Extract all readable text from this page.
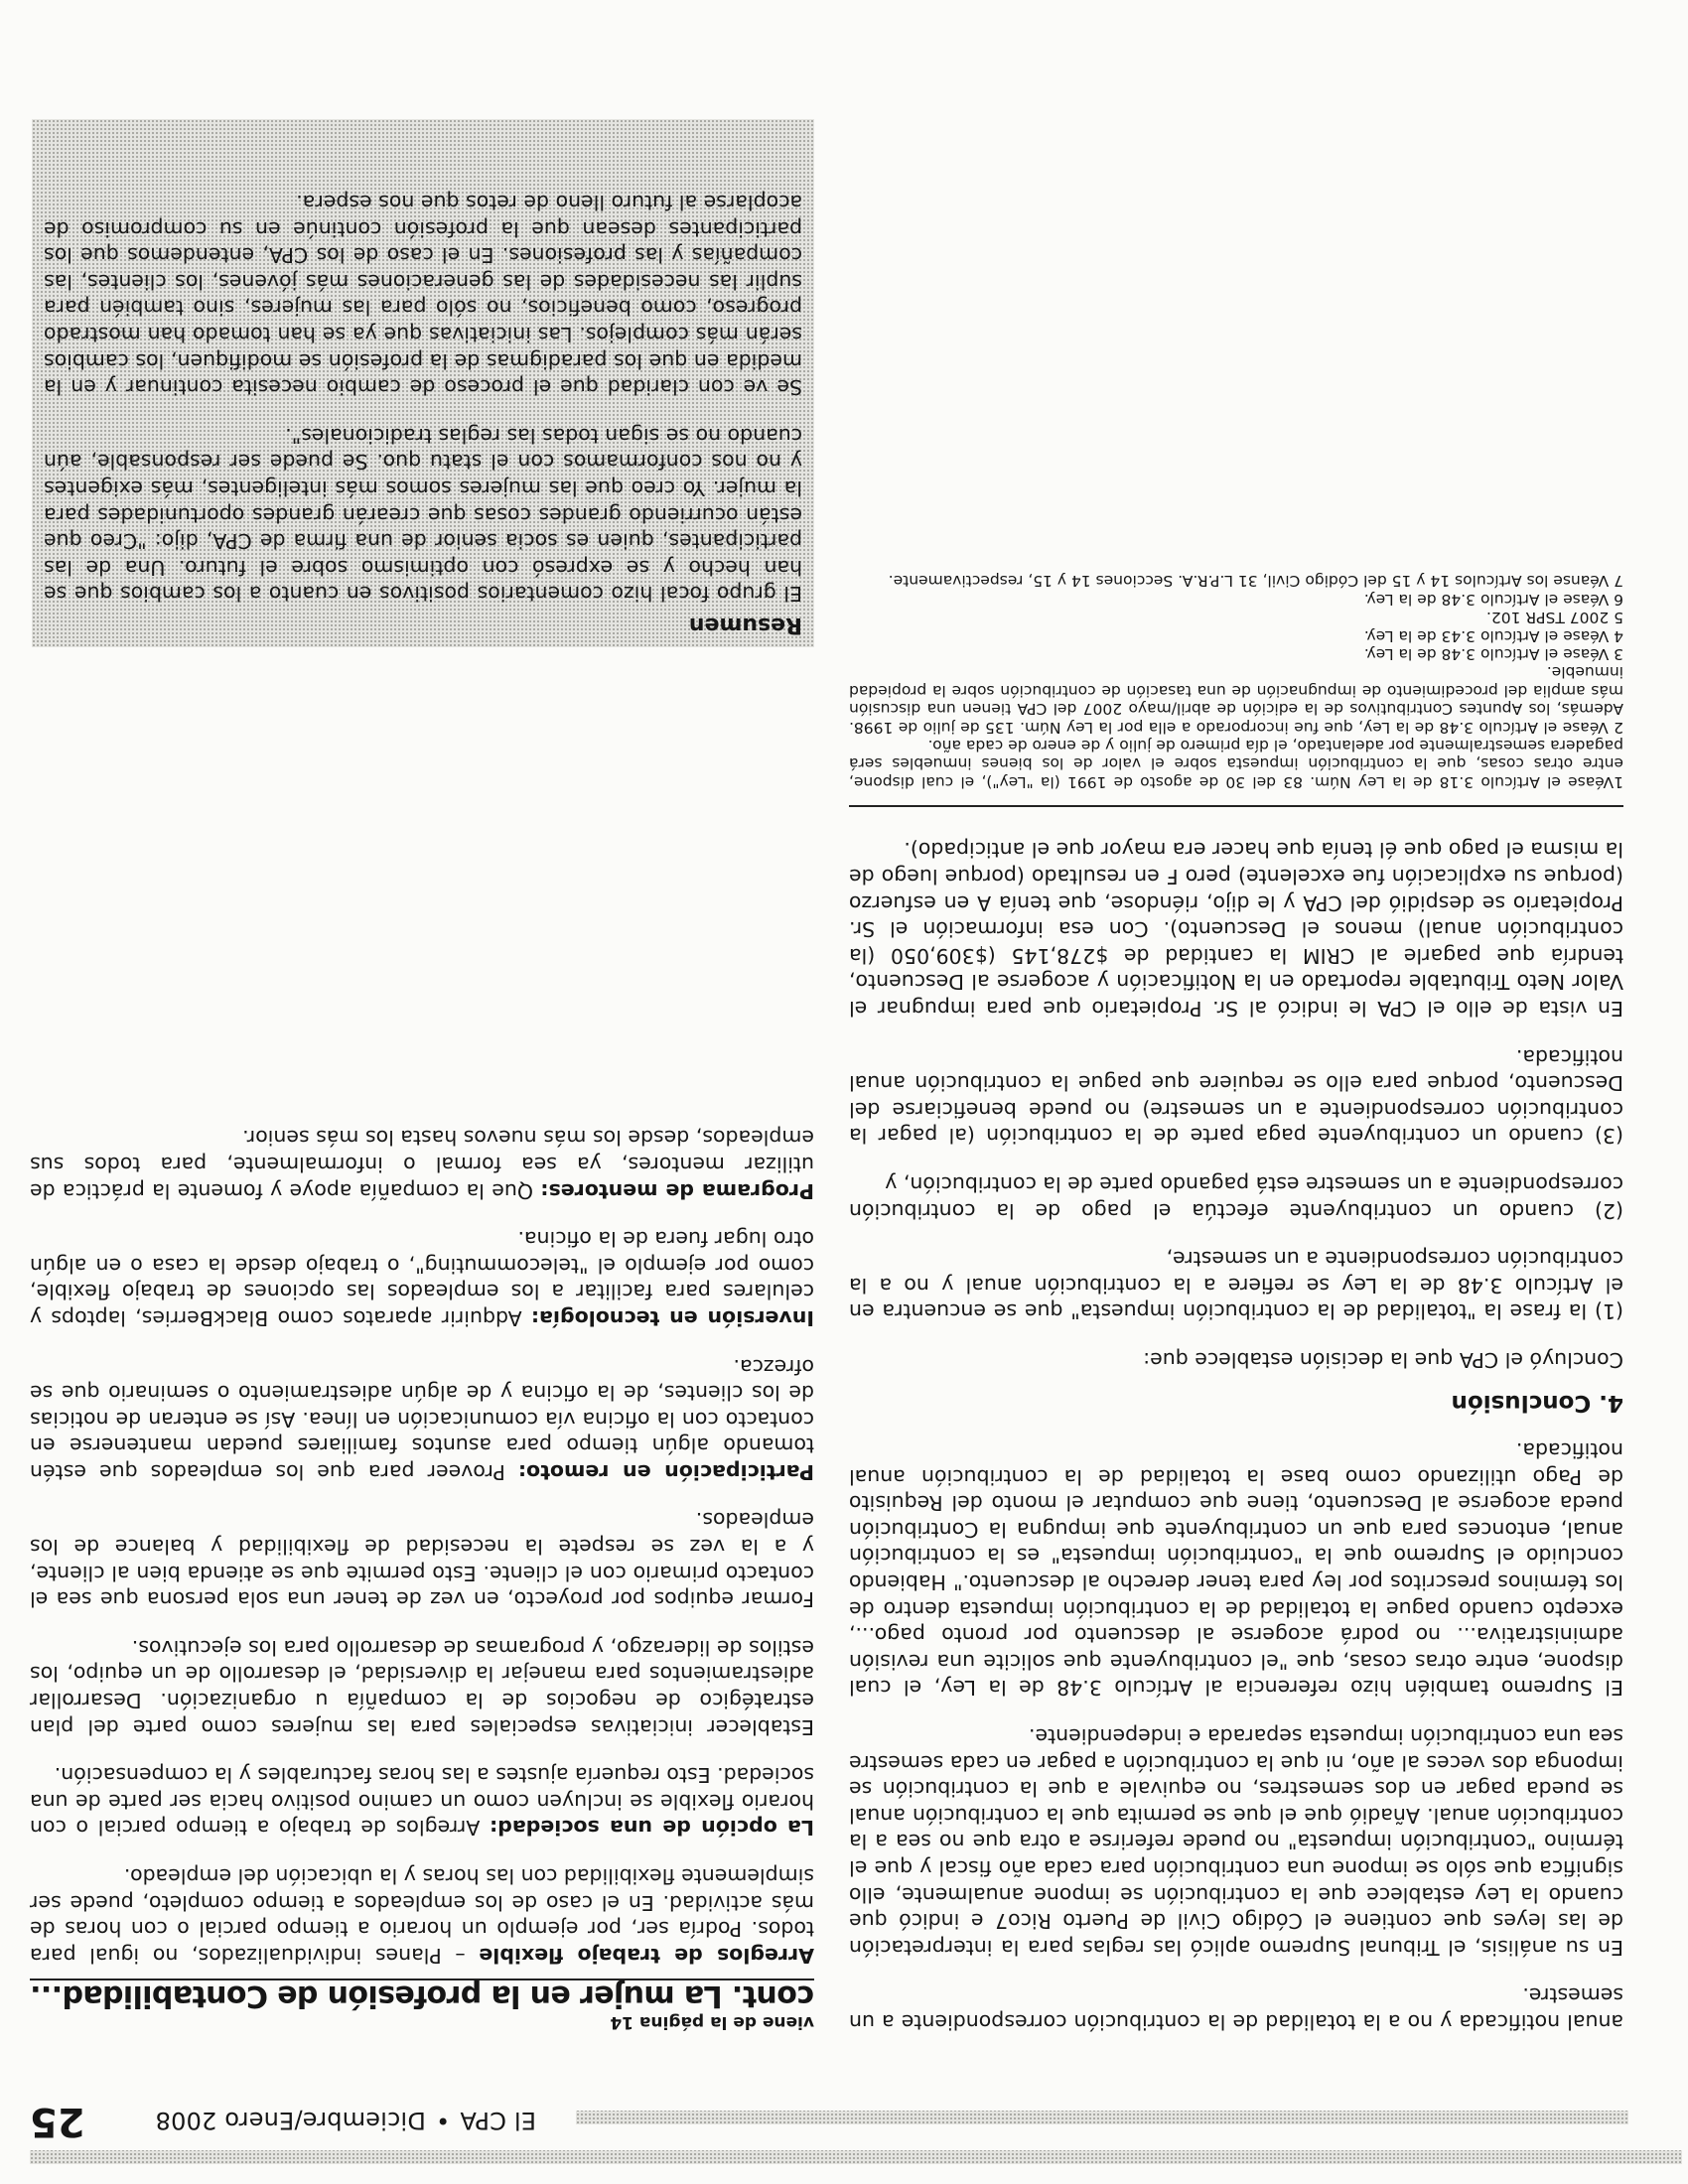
El CPA•Diciembre/Enero 2008
25

anual notificada y no a la totalidad de la contribución correspondiente a un semestre.

En su análisis, el Tribunal Supremo aplicó las reglas para la interpretación de las leyes que contiene el Código Civil de Puerto Rico7 e indicó que cuando la Ley establece que la contribución se impone anualmente, ello significa que sólo se impone una contribución para cada año fiscal y que el término "contribución impuesta" no puede referirse a otra que no sea a la contribución anual. Añadió que el que se permita que la contribución anual se pueda pagar en dos semestres, no equivale a que la contribución se imponga dos veces al año, ni que la contribución a pagar en cada semestre sea una contribución impuesta separada e independiente.

El Supremo también hizo referencia al Artículo 3.48 de la Ley, el cual dispone, entre otras cosas, que "el contribuyente que solicite una revisión administrativa... no podrá acogerse al descuento por pronto pago..., excepto cuando pague la totalidad de la contribución impuesta dentro de los términos prescritos por ley para tener derecho al descuento." Habiendo concluido el Supremo que la "contribución impuesta" es la contribución anual, entonces para que un contribuyente que impugna la Contribución pueda acogerse al Descuento, tiene que computar el monto del Requisito de Pago utilizando como base la totalidad de la contribución anual notificada.

4. Conclusión

Concluyó el CPA que la decisión establece que:

(1) la frase la "totalidad de la contribución impuesta" que se encuentra en el Artículo 3.48 de la Ley se refiere a la contribución anual y no a la contribución correspondiente a un semestre,

(2) cuando un contribuyente efectúa el pago de la contribución correspondiente a un semestre está pagando parte de la contribución, y

(3) cuando un contribuyente paga parte de la contribución (al pagar la contribución correspondiente a un semestre) no puede beneficiarse del Descuento, porque para ello se requiere que pague la contribución anual notificada.

En vista de ello el CPA le indicó al Sr. Propietario que para impugnar el Valor Neto Tributable reportado en la Notificación y acogerse al Descuento, tendría que pagarle al CRIM la cantidad de $278,145 ($309,050 (la contribución anual) menos el Descuento). Con esa información el Sr. Propietario se despidió del CPA y le dijo, riéndose, que tenía A en esfuerzo (porque su explicación fue excelente) pero F en resultado (porque luego de la misma el pago que él tenía que hacer era mayor que el anticipado).

1Véase el Artículo 3.18 de la Ley Núm. 83 del 30 de agosto de 1991 (la "Ley"), el cual dispone, entre otras cosas, que la contribución impuesta sobre el valor de los bienes inmuebles será pagadera semestralmente por adelantado, el día primero de julio y de enero de cada año.

2 Véase el Artículo 3.48 de la Ley, que fue incorporado a ella por la Ley Núm. 135 de julio de 1998. Además, los Apuntes Contributivos de la edición de abril/mayo 2007 del CPA tienen una discusión más amplia del procedimiento de impugnación de una tasación de contribución sobre la propiedad inmueble.

3 Véase el Artículo 3.48 de la Ley.

4 Véase el Artículo 3.43 de la Ley.

5 2007 TSPR 102.

6 Véase el Artículo 3.48 de la Ley.

7 Véanse los Artículos 14 y 15 del Código Civil, 31 L.P.R.A. Secciones 14 y 15, respectivamente.

viene de la página 14

cont. La mujer en la profesión de Contabilidad...

Arreglos de trabajo flexible – Planes individualizados, no igual para todos. Podría ser, por ejemplo un horario a tiempo parcial o con horas de más actividad. En el caso de los empleados a tiempo completo, puede ser simplemente flexibilidad con las horas y la ubicación del empleado.

La opción de una sociedad: Arreglos de trabajo a tiempo parcial o con horario flexible se incluyen como un camino positivo hacia ser parte de una sociedad. Esto requería ajustes a las horas facturables y la compensación.

Establecer iniciativas especiales para las mujeres como parte del plan estratégico de negocios de la compañía u organización. Desarrollar adiestramientos para manejar la diversidad, el desarrollo de un equipo, los estilos de liderazgo, y programas de desarrollo para los ejecutivos.

Formar equipos por proyecto, en vez de tener una sola persona que sea el contacto primario con el cliente. Esto permite que se atienda bien al cliente, y a la vez se respete la necesidad de flexibilidad y balance de los empleados.

Participación en remoto: Proveer para que los empleados que estén tomando algún tiempo para asuntos familiares puedan mantenerse en contacto con la oficina vía comunicación en línea. Así se enteran de noticias de los clientes, de la oficina y de algún adiestramiento o seminario que se ofrezca.

Inversión en tecnología: Adquirir aparatos como BlackBerries, laptops y celulares para facilitar a los empleados las opciones de trabajo flexible, como por ejemplo el "telecommuting", o trabajo desde la casa o en algún otro lugar fuera de la oficina.

Programa de mentores: Que la compañía apoye y fomente la práctica de utilizar mentores, ya sea formal o informalmente, para todos sus empleados, desde los más nuevos hasta los más senior.

Resumen

El grupo focal hizo comentarios positivos en cuanto a los cambios que se han hecho y se expresó con optimismo sobre el futuro. Una de las participantes, quien es socia senior de una firma de CPA, dijo: "Creo que están ocurriendo grandes cosas que crearán grandes oportunidades para la mujer. Yo creo que las mujeres somos más inteligentes, más exigentes y no nos conformamos con el statu quo. Se puede ser responsable, aún cuando no se sigan todas las reglas tradicionales".

Se ve con claridad que el proceso de cambio necesita continuar y en la medida en que los paradigmas de la profesión se modifiquen, los cambios serán más complejos. Las iniciativas que ya se han tomado han mostrado progreso, como beneficios, no sólo para las mujeres, sino también para suplir las necesidades de las generaciones más jóvenes, los clientes, las compañías y las profesiones. En el caso de los CPA, entendemos que los participantes desean que la profesión continúe en su compromiso de acoplarse al futuro lleno de retos que nos espera.
